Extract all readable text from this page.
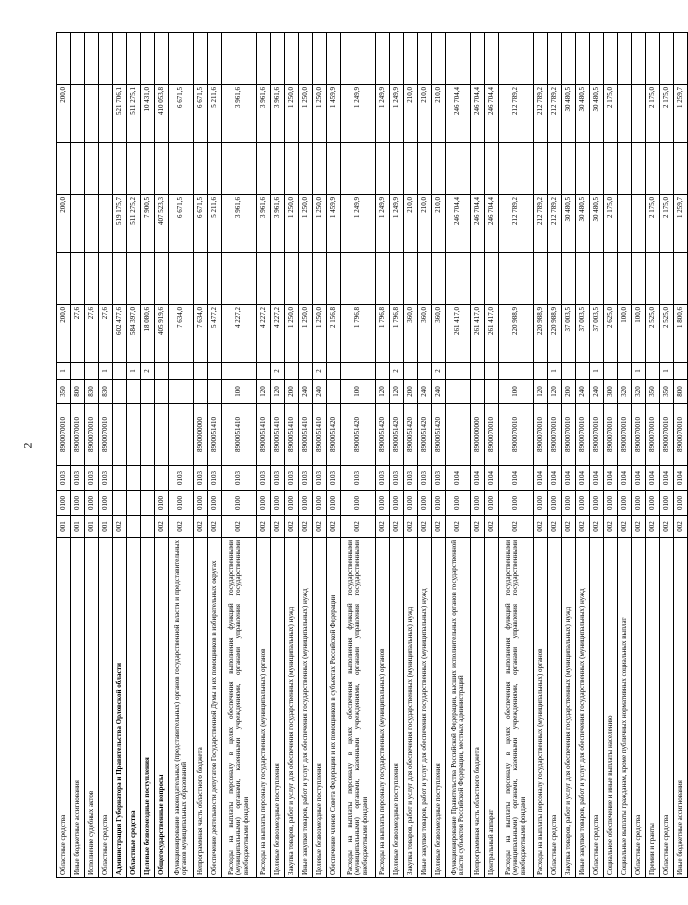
2
Областные средства	001	0100	0103	8900070010	350	1	200,0		200,0		200,0	
Иные бюджетные ассигнования	001	0100	0103	8900070010	800		27,6					
Исполнение судебных актов	001	0100	0103	8900070010	830		27,6					
Областные средства	001	0100	0103	8900070010	830	1	27,6					
Администрация Губернатора и Правительства Орловской области	002						602 477,6		519 175,7		521 706,1	
Областные средства						1	584 397,0		511 275,2		511 275,1	
Целевые безвозмездные поступления						2	18 080,6		7 900,5		10 431,0	
Общегосударственные вопросы	002	0100					405 919,6		407 523,3		410 053,8	
Функционирование законодательных (представительных) органов государственной власти и представительных органов муниципальных образований	002	0100	0103				7 634,0		6 671,5		6 671,5	
Непрограммная часть областного бюджета	002	0100	0103	8900000000			7 634,0		6 671,5		6 671,5	
Обеспечение деятельности депутатов Государственной Думы и их помощников в избирательных округах	002	0100	0103	8900051410			5 477,2		5 211,6		5 211,6	
Расходы на выплаты персоналу в целях обеспечения выполнения функций государственными (муниципальными) органами, казенными учреждениями, органами управления государственными внебюджетными фондами	002	0100	0103	8900051410	100		4 227,2		3 961,6		3 961,6	
Расходы на выплаты персоналу государственных (муниципальных) органов	002	0100	0103	8900051410	120		4 227,2		3 961,6		3 961,6	
Целевые безвозмездные поступления	002	0100	0103	8900051410	120	2	4 227,2		3 961,6		3 961,6	
Закупка товаров, работ и услуг для обеспечения государственных (муниципальных) нужд	002	0100	0103	8900051410	200		1 250,0		1 250,0		1 250,0	
Иные закупки товаров, работ и услуг для обеспечения государственных (муниципальных) нужд	002	0100	0103	8900051410	240		1 250,0		1 250,0		1 250,0	
Целевые безвозмездные поступления	002	0100	0103	8900051410	240	2	1 250,0		1 250,0		1 250,0	
Обеспечение членов Совета Федерации и их помощников в субъектах Российской Федерации	002	0100	0103	8900051420			2 156,8		1 459,9		1 459,9	
Расходы на выплаты персоналу в целях обеспечения выполнения функций государственными (муниципальными) органами, казенными учреждениями, органами управления государственными внебюджетными фондами	002	0100	0103	8900051420	100		1 796,8		1 249,9		1 249,9	
Расходы на выплаты персоналу государственных (муниципальных) органов	002	0100	0103	8900051420	120		1 796,8		1 249,9		1 249,9	
Целевые безвозмездные поступления	002	0100	0103	8900051420	120	2	1 796,8		1 249,9		1 249,9	
Закупка товаров, работ и услуг для обеспечения государственных (муниципальных) нужд	002	0100	0103	8900051420	200		360,0		210,0		210,0	
Иные закупки товаров, работ и услуг для обеспечения государственных (муниципальных) нужд	002	0100	0103	8900051420	240		360,0		210,0		210,0	
Целевые безвозмездные поступления	002	0100	0103	8900051420	240	2	360,0		210,0		210,0	
Функционирование Правительства Российской Федерации, высших исполнительных органов государственной власти субъектов Российской Федерации, местных администраций	002	0100	0104				261 417,0		246 704,4		246 704,4	
Непрограммная часть областного бюджета	002	0100	0104	8900000000			261 417,0		246 704,4		246 704,4	
Центральный аппарат	002	0100	0104	8900070010			261 417,0		246 704,4		246 704,4	
Расходы на выплаты персоналу в целях обеспечения выполнения функций государственными (муниципальными) органами, казенными учреждениями, органами управления государственными внебюджетными фондами	002	0100	0104	8900070010	100		220 988,9		212 789,2		212 789,2	
Расходы на выплаты персоналу государственных (муниципальных) органов	002	0100	0104	8900070010	120		220 988,9		212 789,2		212 789,2	
Областные средства	002	0100	0104	8900070010	120	1	220 988,9		212 789,2		212 789,2	
Закупка товаров, работ и услуг для обеспечения государственных (муниципальных) нужд	002	0100	0104	8900070010	200		37 003,5		30 480,5		30 480,5	
Иные закупки товаров, работ и услуг для обеспечения государственных (муниципальных) нужд	002	0100	0104	8900070010	240		37 003,5		30 480,5		30 480,5	
Областные средства	002	0100	0104	8900070010	240	1	37 003,5		30 480,5		30 480,5	
Социальное обеспечение и иные выплаты населению	002	0100	0104	8900070010	300		2 625,0		2 175,0		2 175,0	
Социальные выплаты гражданам, кроме публичных нормативных социальных выплат	002	0100	0104	8900070010	320		100,0					
Областные средства	002	0100	0104	8900070010	320	1	100,0					
Премии и гранты	002	0100	0104	8900070010	350		2 525,0		2 175,0		2 175,0	
Областные средства	002	0100	0104	8900070010	350	1	2 525,0		2 175,0		2 175,0	
Иные бюджетные ассигнования	002	0100	0104	8900070010	800		1 800,6		1 259,7		1 259,7	
